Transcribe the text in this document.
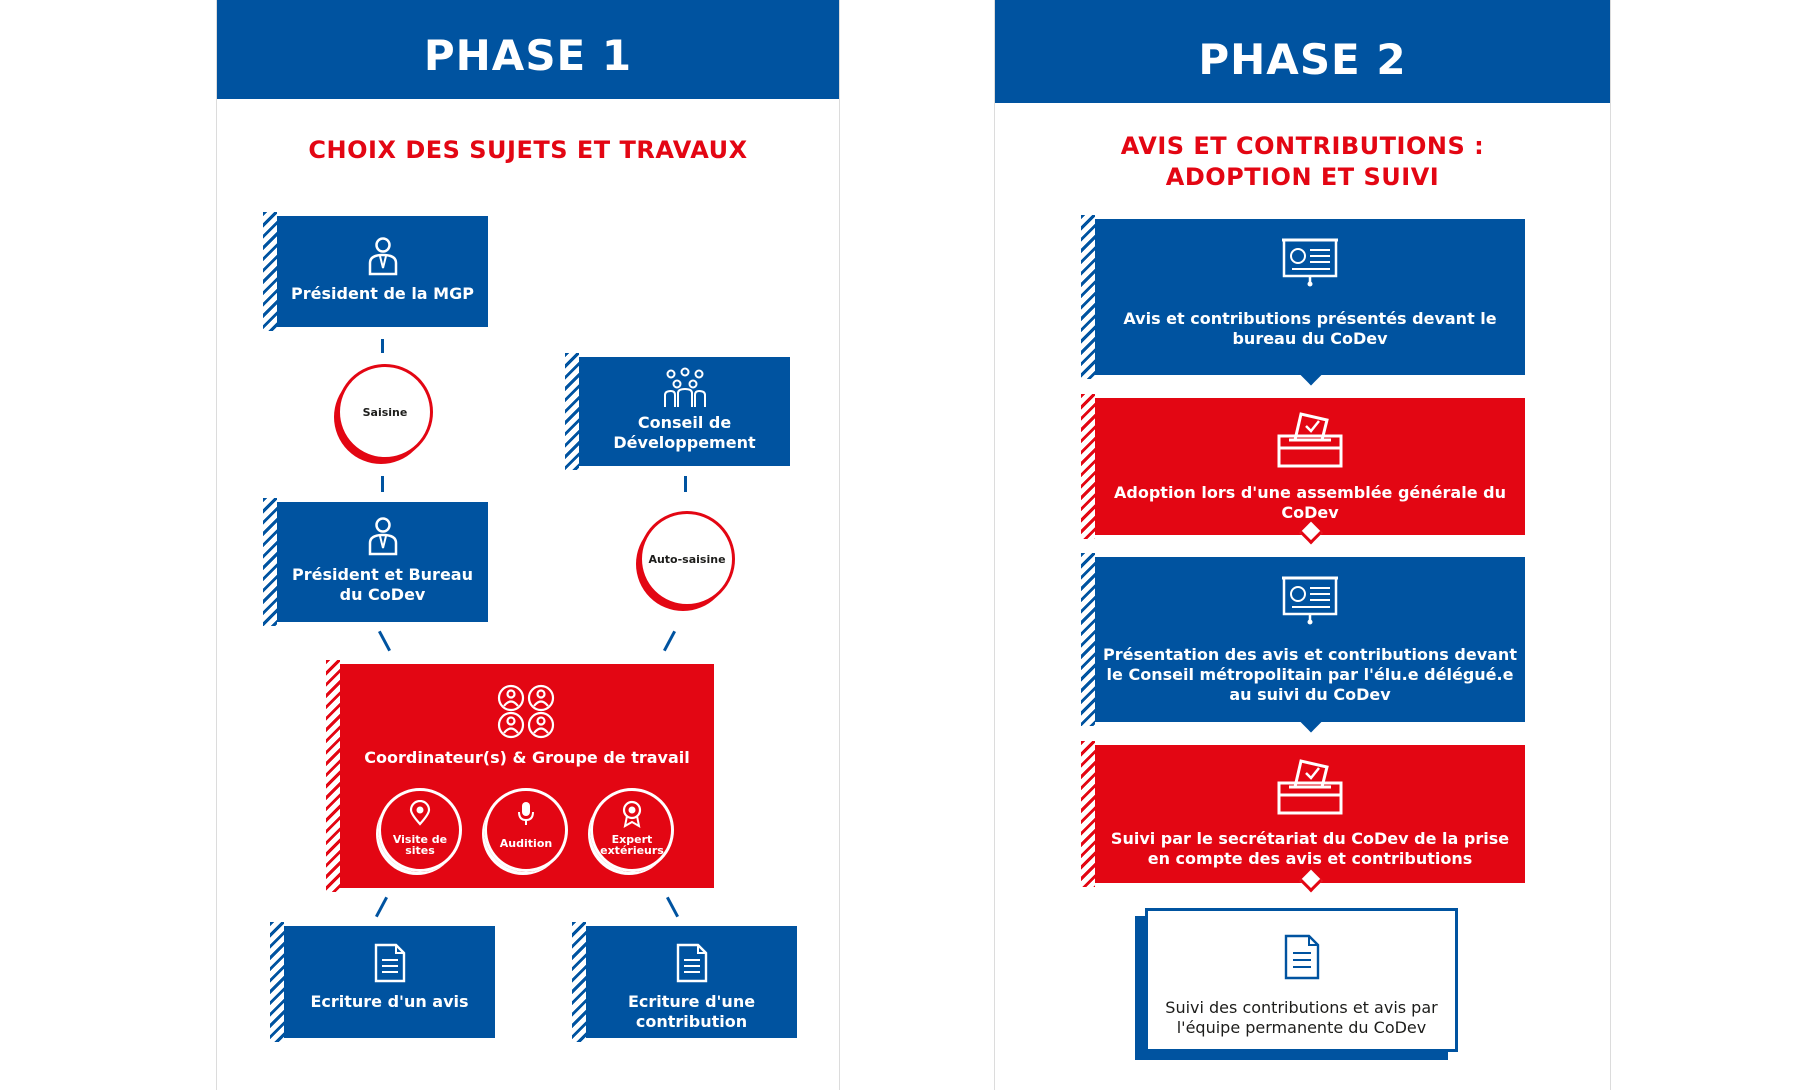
PHASE 1
CHOIX DES SUJETS ET TRAVAUX
Président de la MGP
Saisine
Conseil de Développement
Président et Bureau du CoDev
Auto-saisine
Coordinateur(s) & Groupe de travail
Visite de sites
Audition	Expert extérieurs
Ecriture d'un avis	Ecriture d'une contribution
PHASE 2
AVIS ET CONTRIBUTIONS :
ADOPTION ET SUIVI
Avis et contributions présentés devant le bureau du CoDev
Adoption lors d'une assemblée générale du CoDev
Présentation des avis et contributions devant le Conseil métropolitain par l'élu.e délégué.e au suivi du CoDev
Suivi par le secrétariat du CoDev de la prise en compte des avis et contributions
Suivi des contributions et avis par l'équipe permanente du CoDev
